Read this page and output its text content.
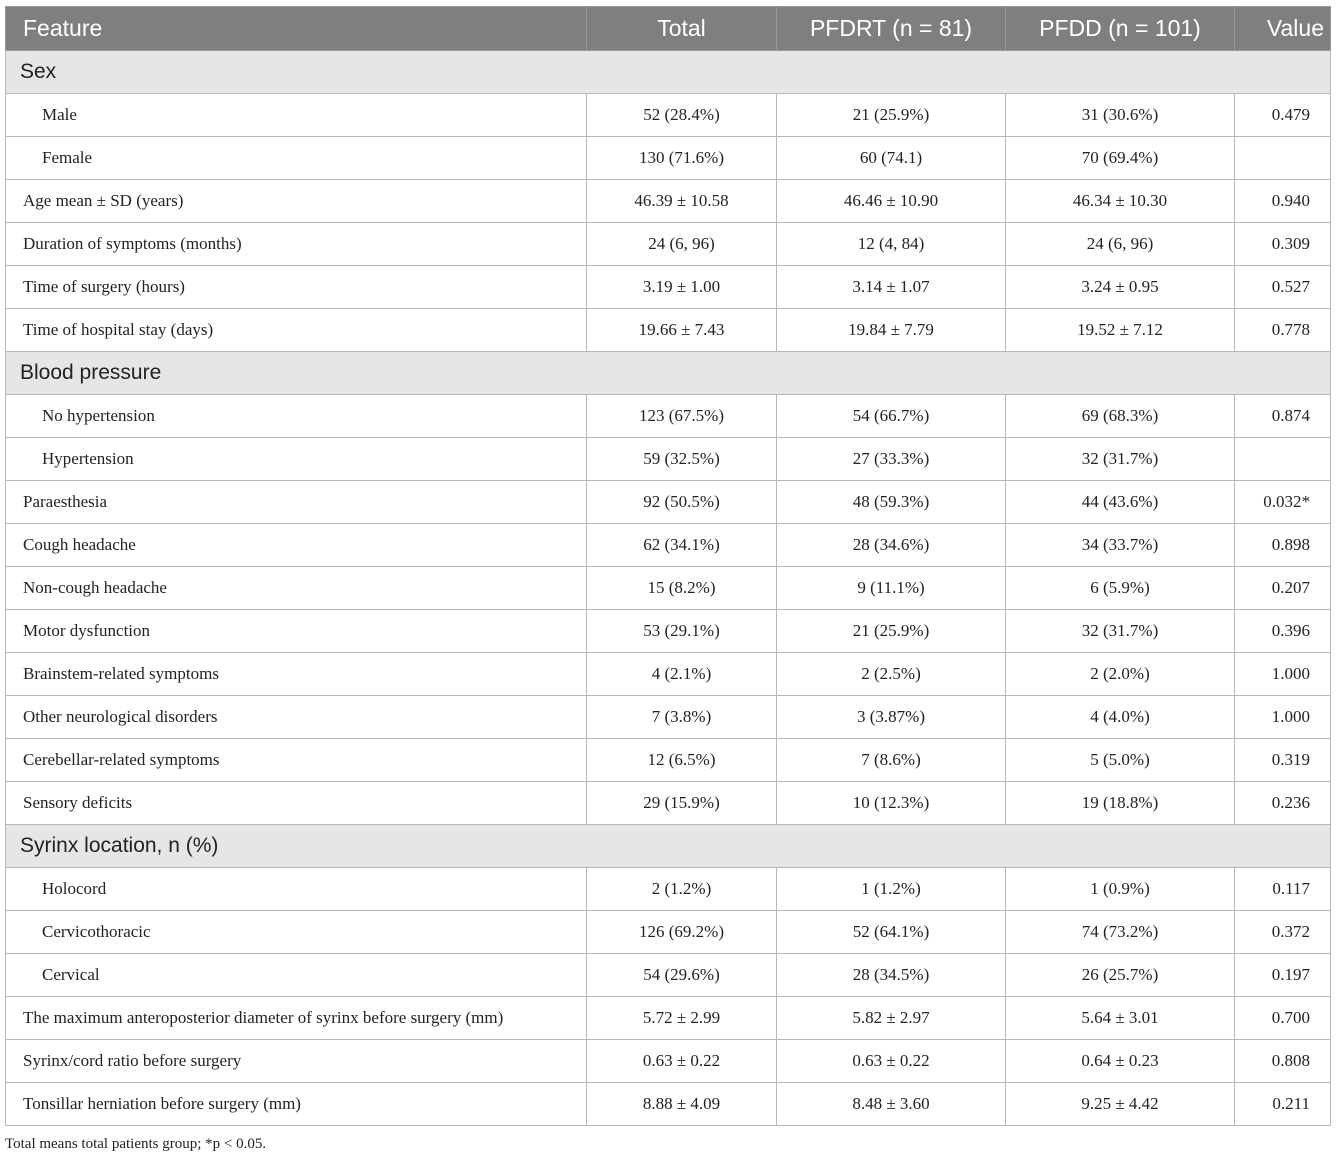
Feature	Total	PFDRT (n = 81)	PFDD (n = 101)	Value
Sex				
Male	52 (28.4%)	21 (25.9%)	31 (30.6%)	0.479
Female	130 (71.6%)	60 (74.1)	70 (69.4%)	
Age mean ± SD (years)	46.39 ± 10.58	46.46 ± 10.90	46.34 ± 10.30	0.940
Duration of symptoms (months)	24 (6, 96)	12 (4, 84)	24 (6, 96)	0.309
Time of surgery (hours)	3.19 ± 1.00	3.14 ± 1.07	3.24 ± 0.95	0.527
Time of hospital stay (days)	19.66 ± 7.43	19.84 ± 7.79	19.52 ± 7.12	0.778
Blood pressure				
No hypertension	123 (67.5%)	54 (66.7%)	69 (68.3%)	0.874
Hypertension	59 (32.5%)	27 (33.3%)	32 (31.7%)	
Paraesthesia	92 (50.5%)	48 (59.3%)	44 (43.6%)	0.032*
Cough headache	62 (34.1%)	28 (34.6%)	34 (33.7%)	0.898
Non-cough headache	15 (8.2%)	9 (11.1%)	6 (5.9%)	0.207
Motor dysfunction	53 (29.1%)	21 (25.9%)	32 (31.7%)	0.396
Brainstem-related symptoms	4 (2.1%)	2 (2.5%)	2 (2.0%)	1.000
Other neurological disorders	7 (3.8%)	3 (3.87%)	4 (4.0%)	1.000
Cerebellar-related symptoms	12 (6.5%)	7 (8.6%)	5 (5.0%)	0.319
Sensory deficits	29 (15.9%)	10 (12.3%)	19 (18.8%)	0.236
Syrinx location, n (%)				
Holocord	2 (1.2%)	1 (1.2%)	1 (0.9%)	0.117
Cervicothoracic	126 (69.2%)	52 (64.1%)	74 (73.2%)	0.372
Cervical	54 (29.6%)	28 (34.5%)	26 (25.7%)	0.197
The maximum anteroposterior diameter of syrinx before surgery (mm)	5.72 ± 2.99	5.82 ± 2.97	5.64 ± 3.01	0.700
Syrinx/cord ratio before surgery	0.63 ± 0.22	0.63 ± 0.22	0.64 ± 0.23	0.808
Tonsillar herniation before surgery (mm)	8.88 ± 4.09	8.48 ± 3.60	9.25 ± 4.42	0.211
Total means total patients group; *p < 0.05.
